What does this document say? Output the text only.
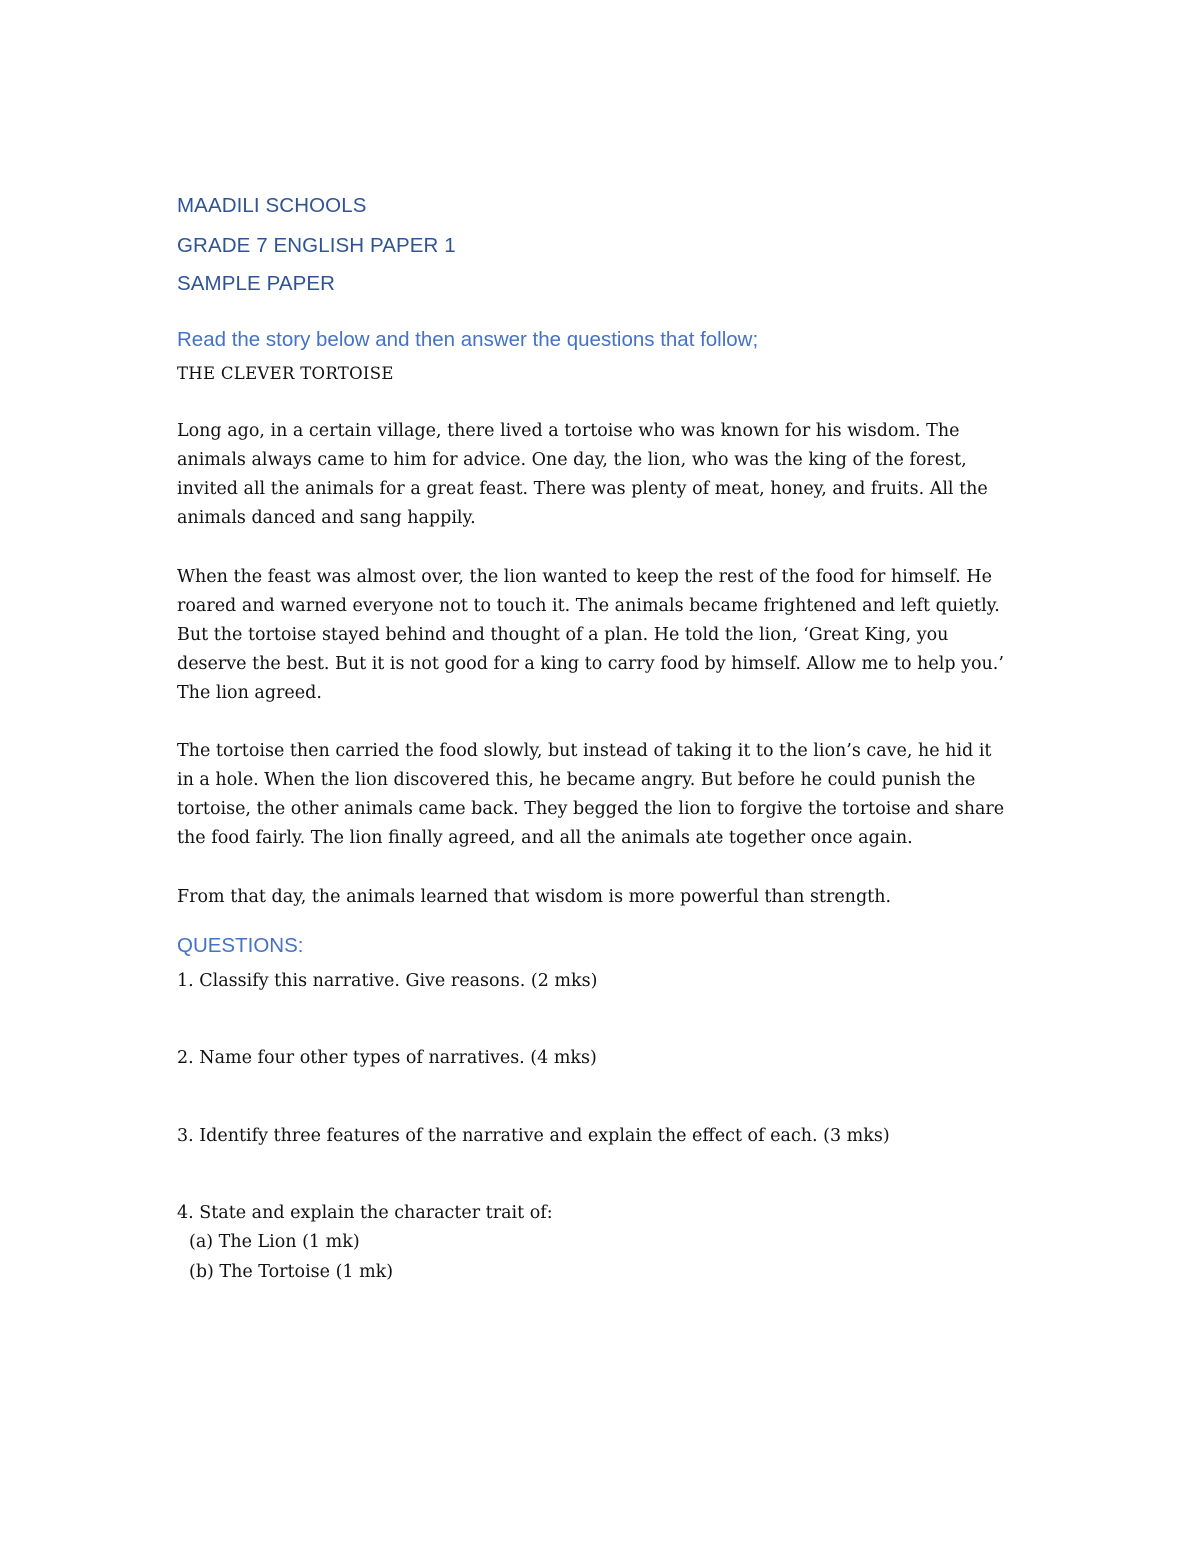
MAADILI SCHOOLS
GRADE 7 ENGLISH PAPER 1
SAMPLE PAPER
Read the story below and then answer the questions that follow;
THE CLEVER TORTOISE
Long ago, in a certain village, there lived a tortoise who was known for his wisdom. The
animals always came to him for advice. One day, the lion, who was the king of the forest,
invited all the animals for a great feast. There was plenty of meat, honey, and fruits. All the
animals danced and sang happily.
When the feast was almost over, the lion wanted to keep the rest of the food for himself. He
roared and warned everyone not to touch it. The animals became frightened and left quietly.
But the tortoise stayed behind and thought of a plan. He told the lion, ‘Great King, you
deserve the best. But it is not good for a king to carry food by himself. Allow me to help you.’
The lion agreed.
The tortoise then carried the food slowly, but instead of taking it to the lion’s cave, he hid it
in a hole. When the lion discovered this, he became angry. But before he could punish the
tortoise, the other animals came back. They begged the lion to forgive the tortoise and share
the food fairly. The lion finally agreed, and all the animals ate together once again.
From that day, the animals learned that wisdom is more powerful than strength.
QUESTIONS:
1. Classify this narrative. Give reasons. (2 mks)
2. Name four other types of narratives. (4 mks)
3. Identify three features of the narrative and explain the effect of each. (3 mks)
4. State and explain the character trait of:
(a) The Lion (1 mk)
(b) The Tortoise (1 mk)
